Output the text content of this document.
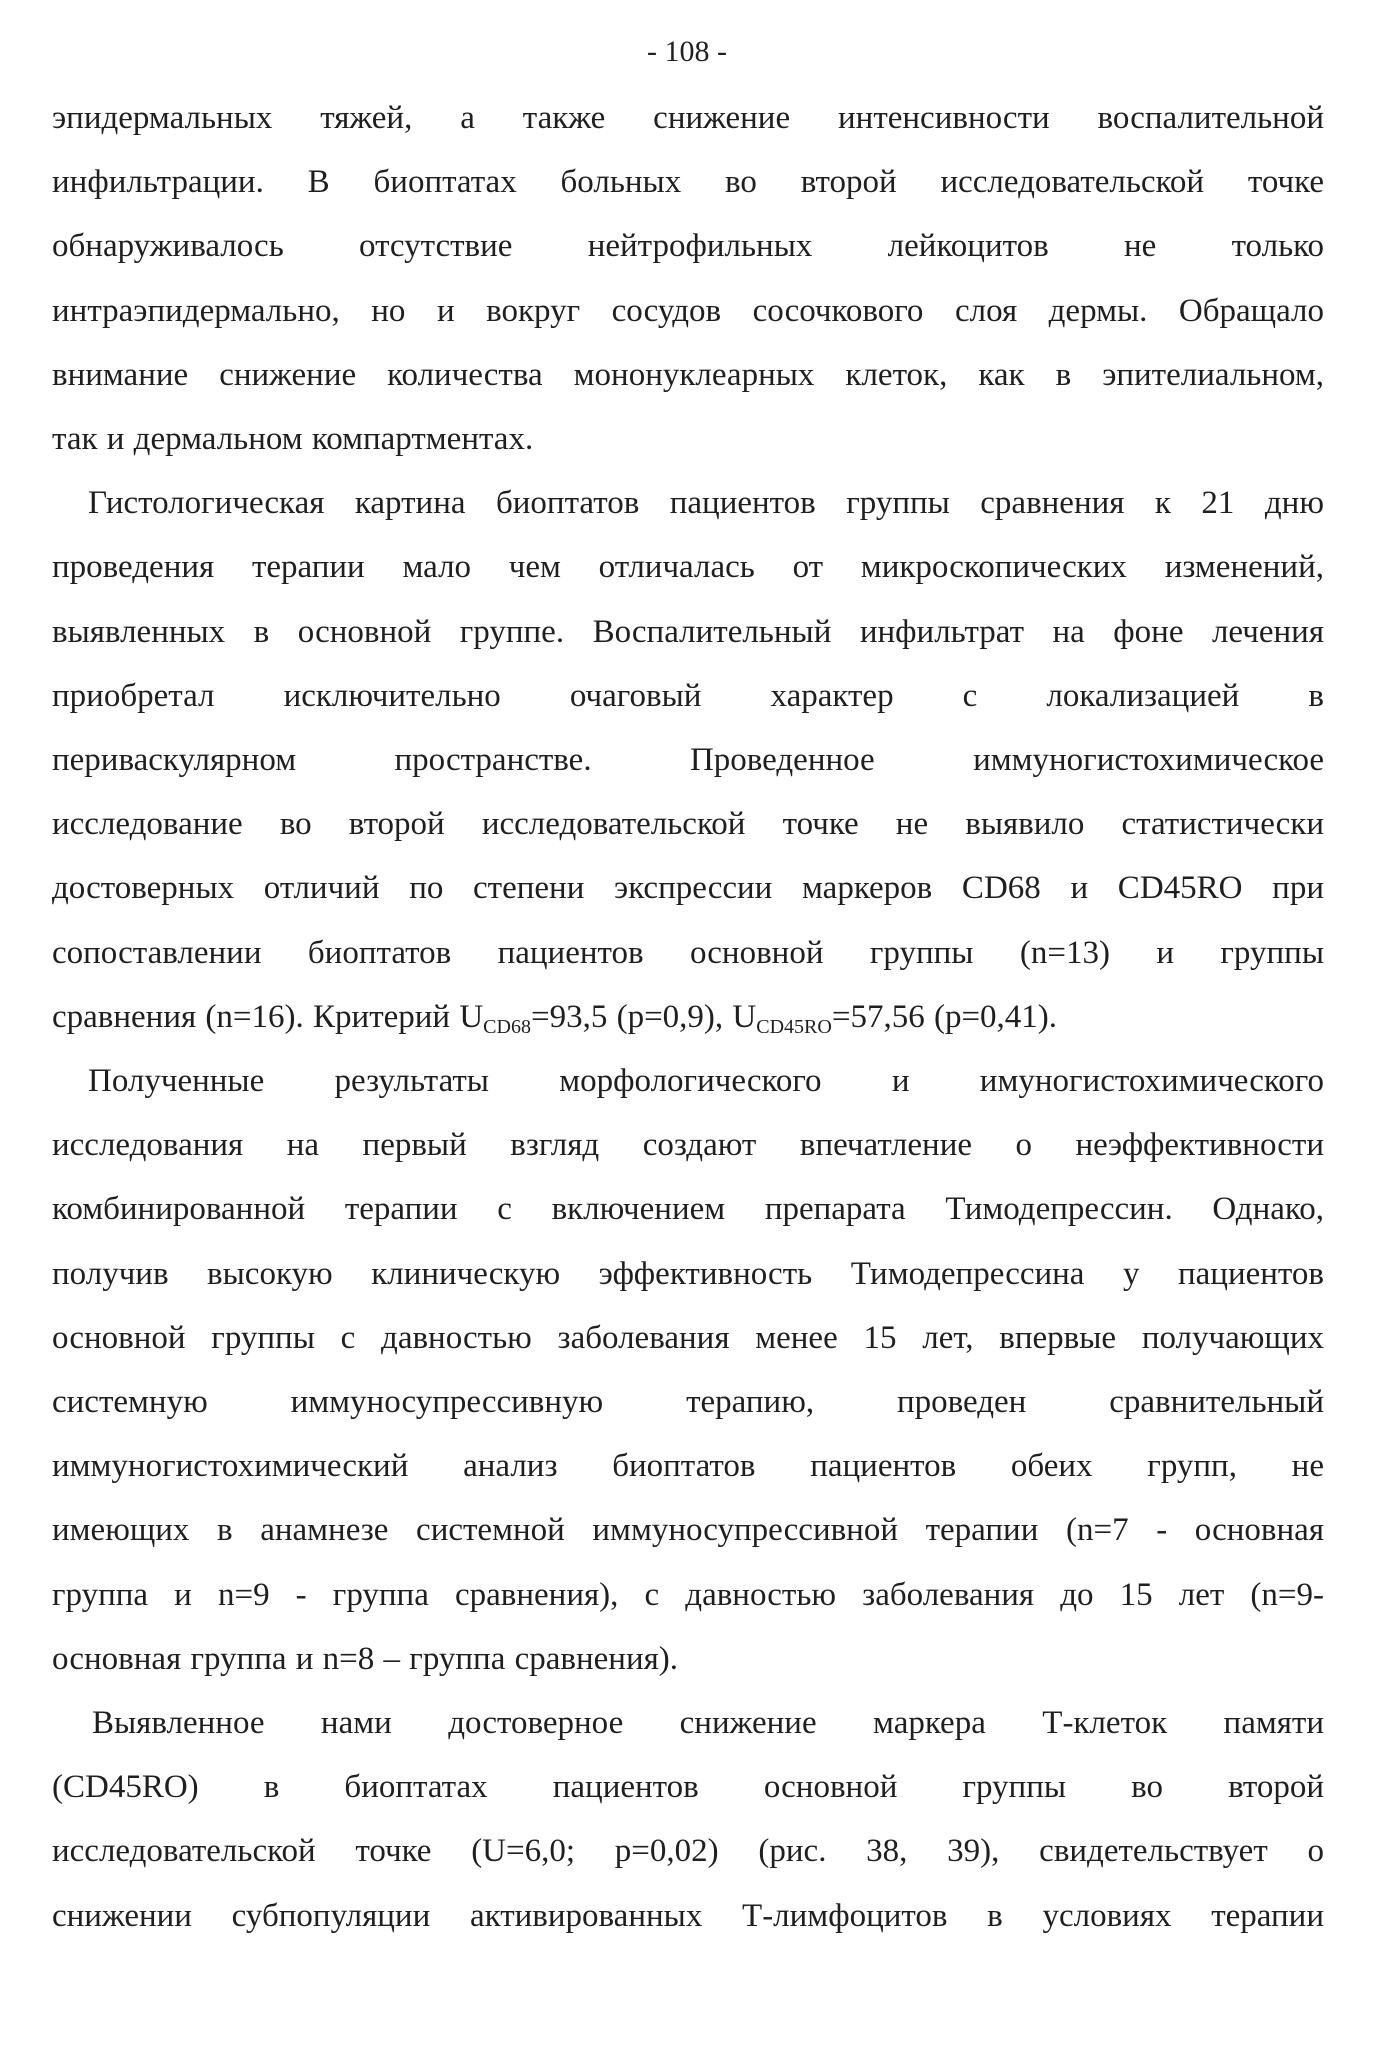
- 108 -

эпидермальных тяжей, а также снижение интенсивности воспалительной
инфильтрации. В биоптатах больных во второй исследовательской точке
обнаруживалось отсутствие нейтрофильных лейкоцитов не только
интраэпидермально, но и вокруг сосудов сосочкового слоя дермы. Обращало
внимание снижение количества мононуклеарных клеток, как в эпителиальном,
так и дермальном компартментах.

Гистологическая картина биоптатов пациентов группы сравнения к 21 дню
проведения терапии мало чем отличалась от микроскопических изменений,
выявленных в основной группе. Воспалительный инфильтрат на фоне лечения
приобретал исключительно очаговый характер с локализацией в
периваскулярном пространстве. Проведенное иммуногистохимическое
исследование во второй исследовательской точке не выявило статистически
достоверных отличий по степени экспрессии маркеров CD68 и CD45RO при
сопоставлении биоптатов пациентов основной группы (n=13) и группы
сравнения (n=16). Критерий $U_{CD68}=93,5$ (p=0,9), $U_{CD45RO}=57,56$ (p=0,41).

Полученные результаты морфологического и имуногистохимического
исследования на первый взгляд создают впечатление о неэффективности
комбинированной терапии с включением препарата Тимодепрессин. Однако,
получив высокую клиническую эффективность Тимодепрессина у пациентов
основной группы с давностью заболевания менее 15 лет, впервые получающих
системную иммуносупрессивную терапию, проведен сравнительный
иммуногистохимический анализ биоптатов пациентов обеих групп, не
имеющих в анамнезе системной иммуносупрессивной терапии (n=7 - основная
группа и n=9 - группа сравнения), с давностью заболевания до 15 лет (n=9-
основная группа и n=8 – группа сравнения).

Выявленное нами достоверное снижение маркера Т-клеток памяти
(CD45RO) в биоптатах пациентов основной группы во второй
исследовательской точке (U=6,0; p=0,02) (рис. 38, 39), свидетельствует о
снижении субпопуляции активированных Т-лимфоцитов в условиях терапии
